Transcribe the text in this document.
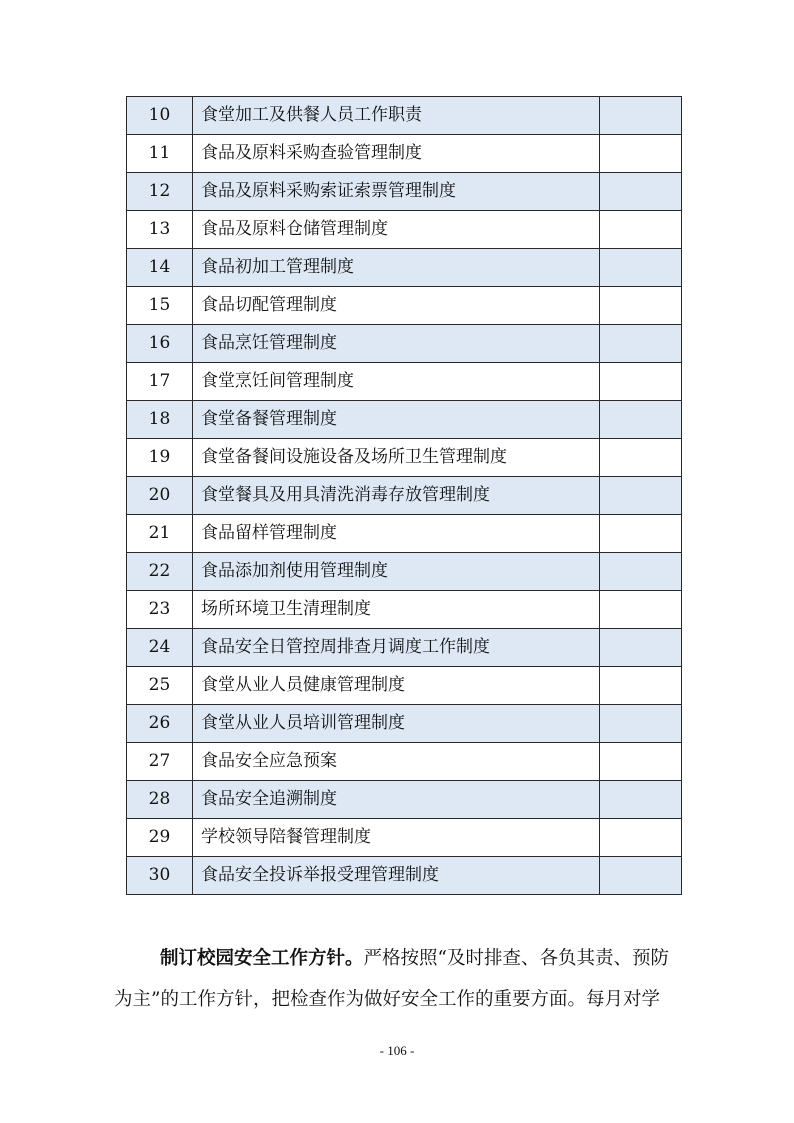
10	食堂加工及供餐人员工作职责	
11	食品及原料采购查验管理制度	
12	食品及原料采购索证索票管理制度	
13	食品及原料仓储管理制度	
14	食品初加工管理制度	
15	食品切配管理制度	
16	食品烹饪管理制度	
17	食堂烹饪间管理制度	
18	食堂备餐管理制度	
19	食堂备餐间设施设备及场所卫生管理制度	
20	食堂餐具及用具清洗消毒存放管理制度	
21	食品留样管理制度	
22	食品添加剂使用管理制度	
23	场所环境卫生清理制度	
24	食品安全日管控周排查月调度工作制度	
25	食堂从业人员健康管理制度	
26	食堂从业人员培训管理制度	
27	食品安全应急预案	
28	食品安全追溯制度	
29	学校领导陪餐管理制度	
30	食品安全投诉举报受理管理制度	

制订校园安全工作方针。严格按照“及时排查、各负其责、预防

为主”的工作方针，把检查作为做好安全工作的重要方面。每月对学

- 106 -
